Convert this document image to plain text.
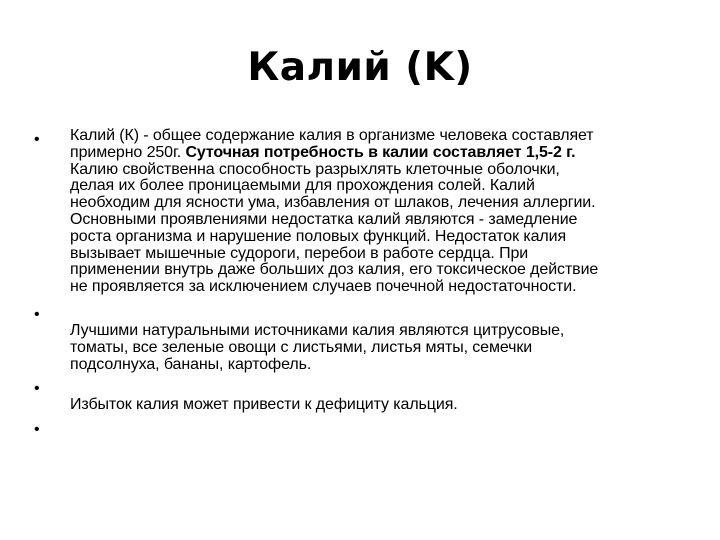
Калий (K)
•
•
•
•
Калий (К) - общее содержание калия в организме человека составляет
примерно 250г. Суточная потребность в калии составляет 1,5-2 г.
Калию свойственна способность разрыхлять клеточные оболочки,
делая их более проницаемыми для прохождения солей. Калий
необходим для ясности ума, избавления от шлаков, лечения аллергии.
Основными проявлениями недостатка калий являются - замедление
роста организма и нарушение половых функций. Недостаток калия
вызывает мышечные судороги, перебои в работе сердца. При
применении внутрь даже больших доз калия, его токсическое действие
не проявляется за исключением случаев почечной недостаточности.
Лучшими натуральными источниками калия являются цитрусовые,
томаты, все зеленые овощи с листьями, листья мяты, семечки
подсолнуха, бананы, картофель.
Избыток калия может привести к дефициту кальция.
